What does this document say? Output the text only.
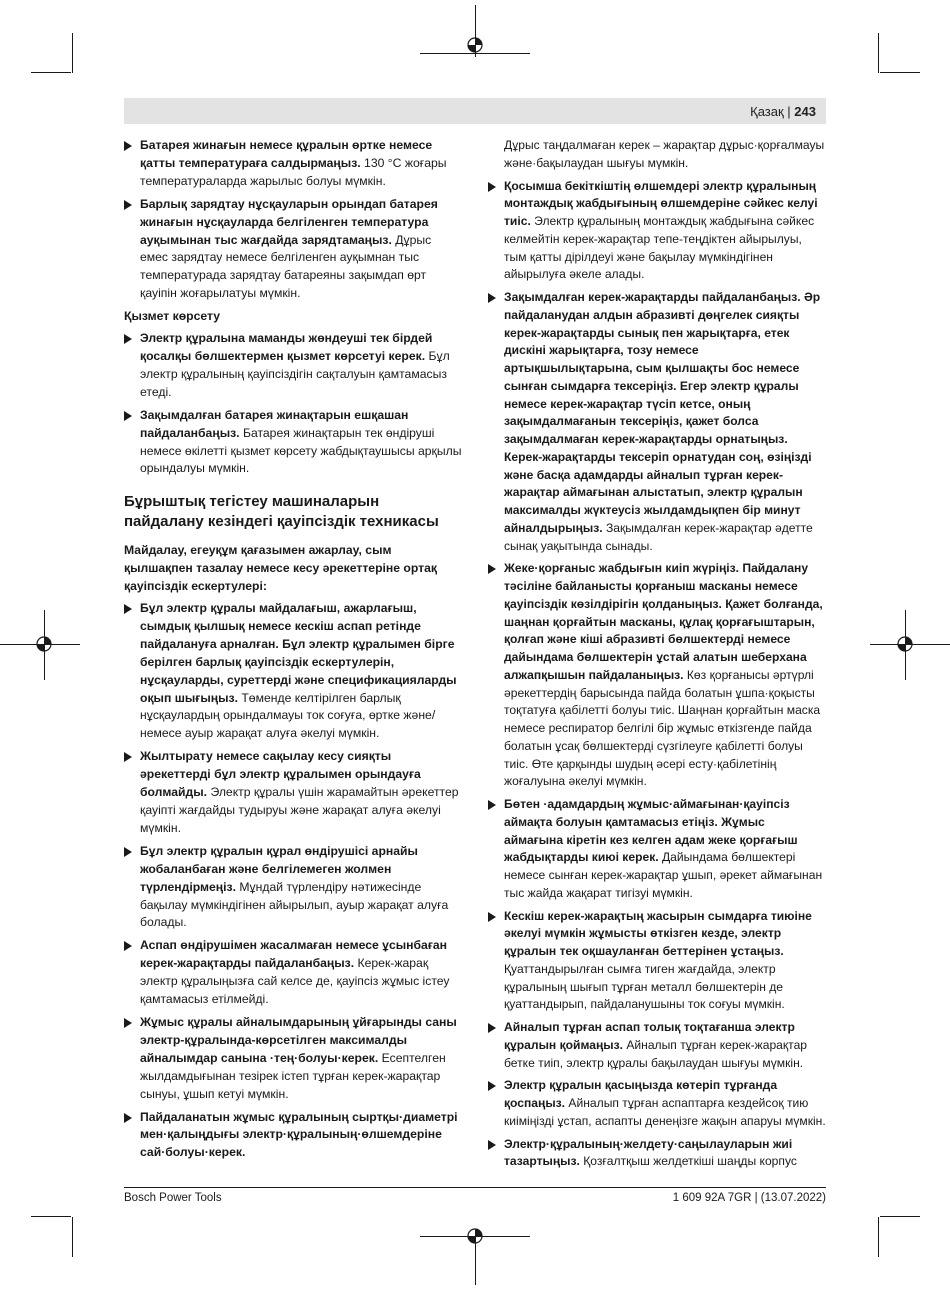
Қазақ | 243
Батарея жинағын немесе құралын өртке немесе қатты температураға салдырмаңыз. 130 °C жоғары температураларда жарылыс болуы мүмкін.
Барлық зарядтау нұсқауларын орындап батарея жинағын нұсқауларда белгіленген температура ауқымынан тыс жағдайда зарядтамаңыз. Дұрыс емес зарядтау немесе белгіленген ауқымнан тыс температурада зарядтау батареяны зақымдап өрт қауіпін жоғарылатуы мүмкін.
Қызмет көрсету
Электр құралына маманды жөндеуші тек бірдей қосалқы бөлшектермен қызмет көрсетуі керек. Бұл электр құралының қауіпсіздігін сақталуын қамтамасыз етеді.
Зақымдалған батарея жинақтарын ешқашан пайдаланбаңыз. Батарея жинақтарын тек өндіруші немесе өкілетті қызмет көрсету жабдықтаушысы арқылы орындалуы мүмкін.
Бұрыштық тегістеу машиналарын пайдалану кезіндегі қауіпсіздік техникасы
Майдалау, егеуқұм қағазымен ажарлау, сым қылшақпен тазалау немесе кесу әрекеттеріне ортақ қауіпсіздік ескертулері:
Бұл электр құралы майдалағыш, ажарлағыш, сымдық қылшық немесе кескіш аспап ретінде пайдалануға арналған. Бұл электр құралымен бірге берілген барлық қауіпсіздік ескертулерін, нұсқауларды, суреттерді және спецификацияларды оқып шығыңыз. Төменде келтірілген барлық нұсқаулардың орындалмауы ток соғуға, өртке және/немесе ауыр жарақат алуға әкелуі мүмкін.
Жылтырату немесе сақылау кесу сияқты әрекеттерді бұл электр құралымен орындауға болмайды. Электр құралы үшін жарамайтын әрекеттер қауіпті жағдайды тудыруы және жарақат алуға әкелуі мүмкін.
Бұл электр құралын құрал өндірушісі арнайы жобаланбаған және белгілемеген жолмен түрлендірмеңіз. Мұндай түрлендіру нәтижесінде бақылау мүмкіндігінен айырылып, ауыр жарақат алуға болады.
Аспап өндірушімен жасалмаған немесе ұсынбаған керек-жарақтарды пайдаланбаңыз. Керек-жарақ электр құралыңызға сай келсе де, қауіпсіз жұмыс істеу қамтамасыз етілмейді.
Жұмыс құралы айналымдарының ұйғарынды саны электр-құралында-көрсетілген максималды айналымдар санына ·тең·болуы·керек. Есептелген жылдамдығынан тезірек істеп тұрған керек-жарақтар сынуы, ұшып кетуі мүмкін.
Пайдаланатын жұмыс құралының сыртқы·диаметрі мен·қалыңдығы электр·құралының·өлшемдеріне сай·болуы·керек.
Дұрыс таңдалмаған керек – жарақтар дұрыс·қорғалмауы және·бақылаудан шығуы мүмкін.
Қосымша бекіткіштің өлшемдері электр құралының монтаждық жабдығының өлшемдеріне сәйкес келуі тиіс. Электр құралының монтаждық жабдығына сәйкес келмейтін керек-жарақтар тепе-теңдіктен айырылуы, тым қатты дірілдеуі және бақылау мүмкіндігінен айырылуға әкеле алады.
Зақымдалған керек-жарақтарды пайдаланбаңыз. Әр пайдаланудан алдын абразивті дөңгелек сияқты керек-жарақтарды сынық пен жарықтарға, етек дискіні жарықтарға, тозу немесе артықшылықтарына, сым қылшақты бос немесе сынған сымдарға тексеріңіз. Егер электр құралы немесе керек-жарақтар түсіп кетсе, оның зақымдалмағанын тексеріңіз, қажет болса зақымдалмаған керек-жарақтарды орнатыңыз. Керек-жарақтарды тексеріп орнатудан соң, өзіңізді және басқа адамдарды айналып тұрған керек-жарақтар аймағынан алыстатып, электр құралын максималды жүктеусіз жылдамдықпен бір минут айналдырыңыз. Зақымдалған керек-жарақтар әдетте сынақ уақытында сынады.
Жеке·қорғаныс жабдығын киіп жүріңіз. Пайдалану тәсіліне байланысты қорғаныш масканы немесе қауіпсіздік көзілдірігін қолданыңыз. Қажет болғанда, шаңнан қорғайтын масканы, құлақ қорғағыштарын, қолғап және кіші абразивті бөлшектерді немесе дайындама бөлшектерін ұстай алатын шеберхана алжапқышын пайдаланыңыз. Көз қорғанысы әртүрлі әрекеттердің барысында пайда болатын ұшпа·қоқысты тоқтатуға қабілетті болуы тиіс. Шаңнан қорғайтын маска немесе респиратор белгілі бір жұмыс өткізгенде пайда болатын ұсақ бөлшектерді сүзгілеуге қабілетті болуы тиіс. Өте қарқынды шудың әсері есту·қабілетінің жоғалуына әкелуі мүмкін.
Бөтен ·адамдардың жұмыс·аймағынан·қауіпсіз аймақта болуын қамтамасыз етіңіз. Жұмыс аймағына кіретін кез келген адам жеке қорғағыш жабдықтарды киюі керек. Дайындама бөлшектері немесе сынған керек-жарақтар ұшып, әрекет аймағынан тыс жайда жақарат тигізуі мүмкін.
Кескіш керек-жарақтың жасырын сымдарға тиюіне әкелуі мүмкін жұмысты өткізген кезде, электр құралын тек оқшауланған беттерінен ұстаңыз. Қуаттандырылған сымға тиген жағдайда, электр құралының шығып тұрған металл бөлшектерін де қуаттандырып, пайдаланушыны ток соғуы мүмкін.
Айналып тұрған аспап толық тоқтағанша электр құралын қоймаңыз. Айналып тұрған керек-жарақтар бетке тиіп, электр құралы бақылаудан шығуы мүмкін.
Электр құралын қасыңызда көтеріп тұрғанда қоспаңыз. Айналып тұрған аспаптарға кездейсоқ тию киіміңізді ұстап, аспапты денеңізге жақын апаруы мүмкін.
Электр·құралының·желдету·саңылауларын жиі тазартыңыз. Қозғалтқыш желдеткіші шаңды корпус
Bosch Power Tools	1 609 92A 7GR | (13.07.2022)
